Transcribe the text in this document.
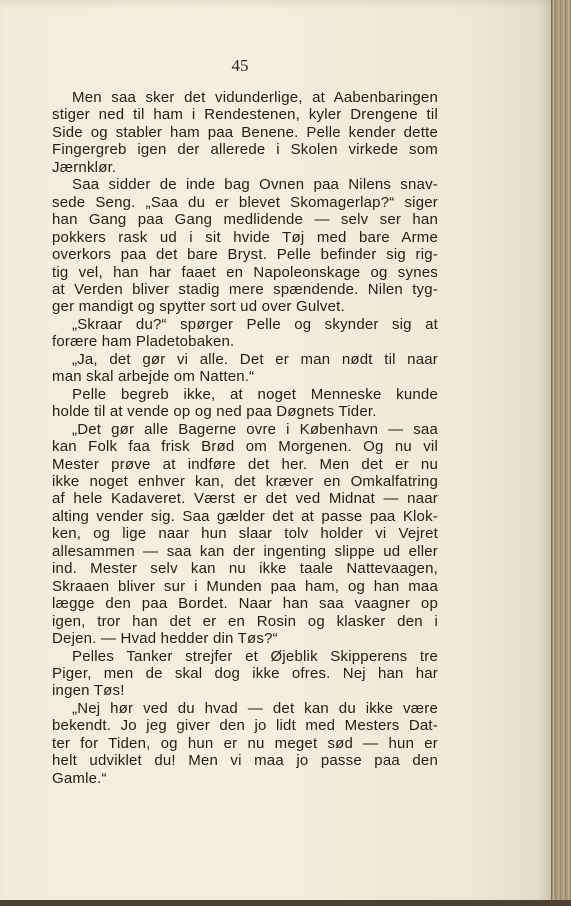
45
Men saa sker det vidunderlige, at Aabenbaringen
stiger ned til ham i Rendestenen, kyler Drengene til
Side og stabler ham paa Benene. Pelle kender dette
Fingergreb igen der allerede i Skolen virkede som
Jærnklør.
Saa sidder de inde bag Ovnen paa Nilens snav-
sede Seng. „Saa du er blevet Skomagerlap?“ siger
han Gang paa Gang medlidende — selv ser han
pokkers rask ud i sit hvide Tøj med bare Arme
overkors paa det bare Bryst. Pelle befinder sig rig-
tig vel, han har faaet en Napoleonskage og synes
at Verden bliver stadig mere spændende. Nilen tyg-
ger mandigt og spytter sort ud over Gulvet.
„Skraar du?“ spørger Pelle og skynder sig at
forære ham Pladetobaken.
„Ja, det gør vi alle. Det er man nødt til naar
man skal arbejde om Natten.“
Pelle begreb ikke, at noget Menneske kunde
holde til at vende op og ned paa Døgnets Tider.
„Det gør alle Bagerne ovre i København — saa
kan Folk faa frisk Brød om Morgenen. Og nu vil
Mester prøve at indføre det her. Men det er nu
ikke noget enhver kan, det kræver en Omkalfatring
af hele Kadaveret. Værst er det ved Midnat — naar
alting vender sig. Saa gælder det at passe paa Klok-
ken, og lige naar hun slaar tolv holder vi Vejret
allesammen — saa kan der ingenting slippe ud eller
ind. Mester selv kan nu ikke taale Nattevaagen,
Skraaen bliver sur i Munden paa ham, og han maa
lægge den paa Bordet. Naar han saa vaagner op
igen, tror han det er en Rosin og klasker den i
Dejen. — Hvad hedder din Tøs?“
Pelles Tanker strejfer et Øjeblik Skipperens tre
Piger, men de skal dog ikke ofres. Nej han har
ingen Tøs!
„Nej hør ved du hvad — det kan du ikke være
bekendt. Jo jeg giver den jo lidt med Mesters Dat-
ter for Tiden, og hun er nu meget sød — hun er
helt udviklet du! Men vi maa jo passe paa den
Gamle.“
